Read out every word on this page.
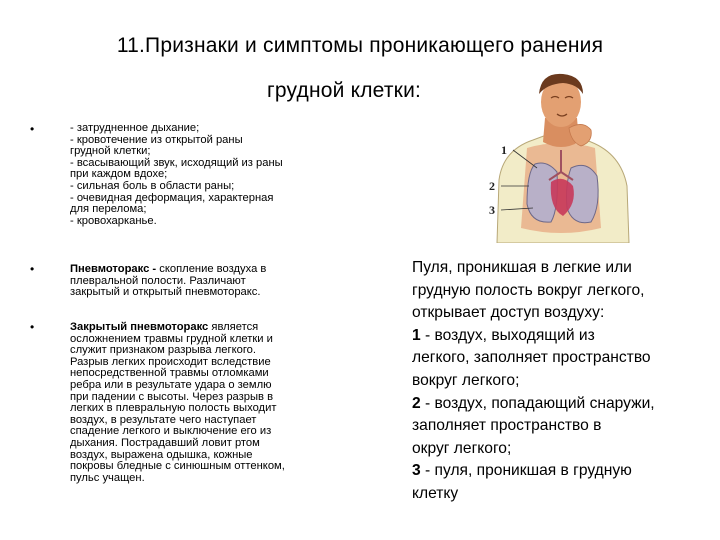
11.Признаки и симптомы проникающего ранения
грудной клетки:
•	- затрудненное дыхание;
- кровотечение из открытой раны
грудной клетки;
- всасывающий звук, исходящий из раны
при каждом вдохе;
- сильная боль в области раны;
- очевидная деформация, характерная
для перелома;
- кровохарканье.
•	Пневмоторакс - скопление воздуха в
плевральной полости. Различают
закрытый и открытый пневмоторакс.
•	Закрытый пневмоторакс является
осложнением травмы грудной клетки и
служит признаком разрыва легкого.
Разрыв легких происходит вследствие
непосредственной травмы отломками
ребра или в результате удара о землю
при падении с высоты. Через разрыв в
легких в плевральную полость выходит
воздух, в результате чего наступает
спадение легкого и выключение его из
дыхания. Пострадавший ловит ртом
воздух, выражена одышка, кожные
покровы бледные с синюшным оттенком,
пульс учащен.
1
2
3
Пуля, проникшая в легкие или
грудную полость вокруг легкого,
открывает доступ воздуху:
1 - воздух, выходящий из
легкого, заполняет пространство
вокруг легкого;
2 - воздух, попадающий снаружи,
заполняет пространство в
округ легкого;
3 - пуля, проникшая в грудную
клетку
